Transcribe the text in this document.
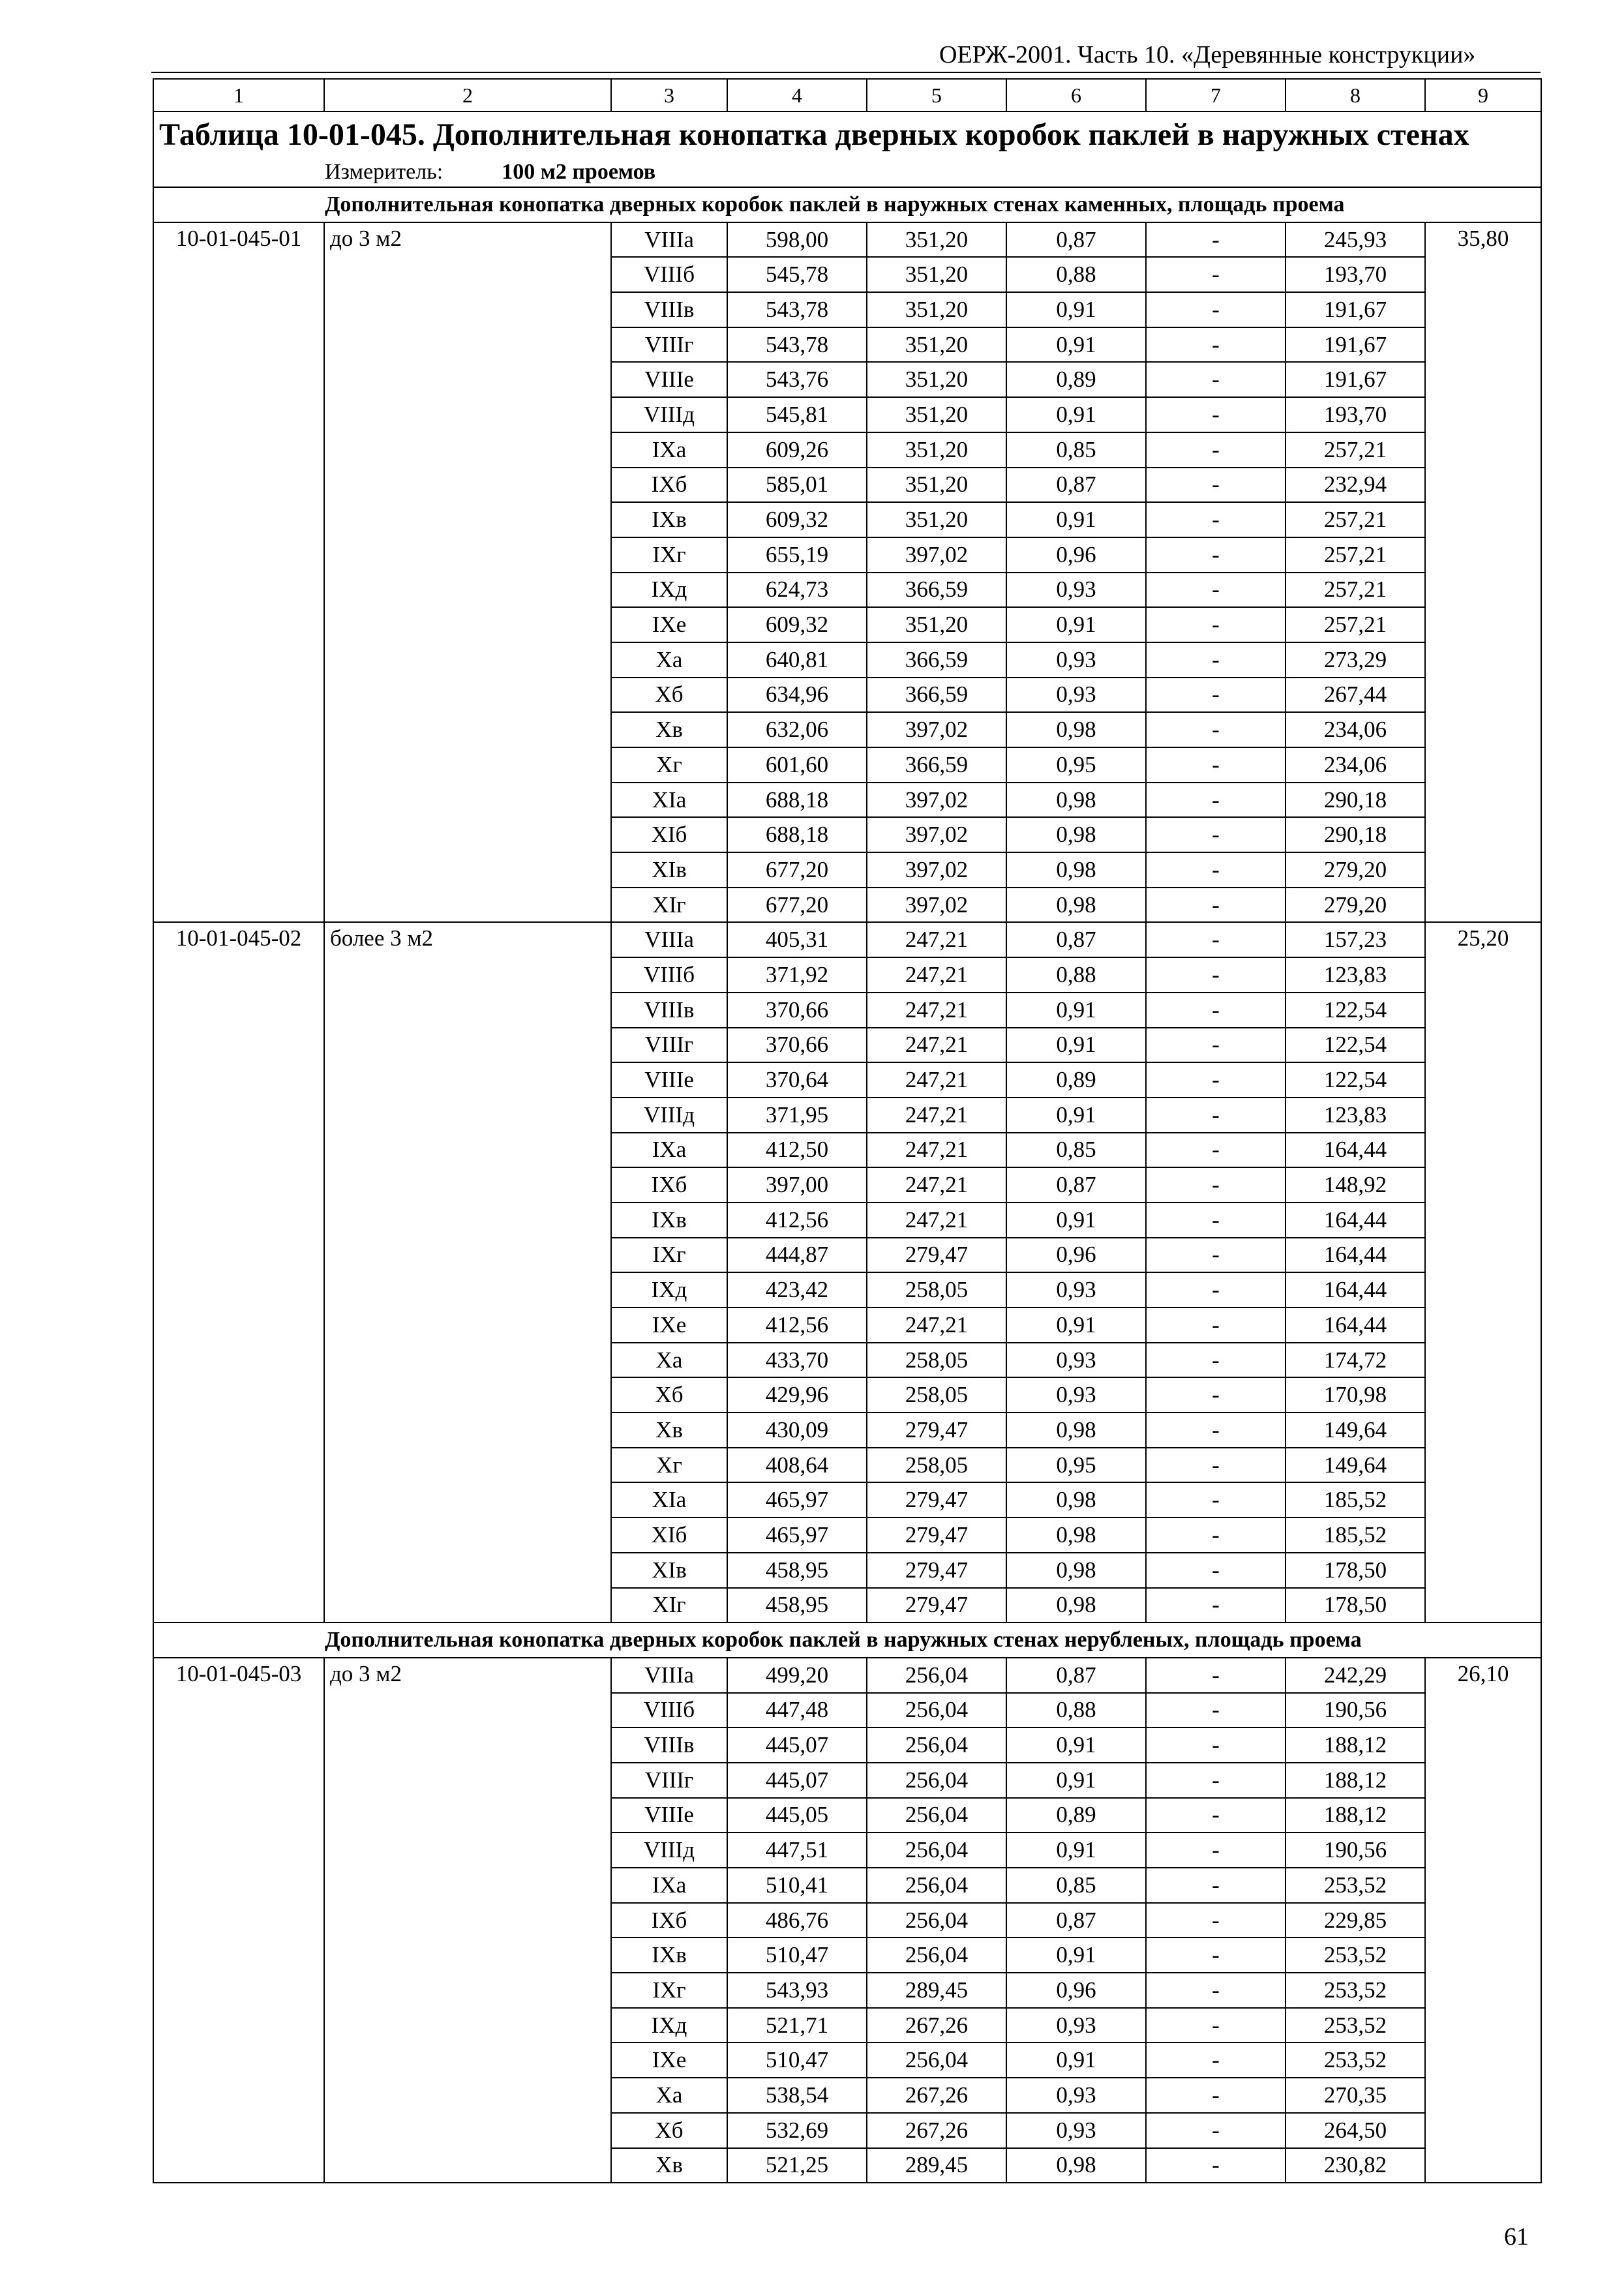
ОЕРЖ-2001. Часть 10. «Деревянные конструкции»
1	2	3	4	5	6	7	8	9
Таблица 10-01-045. Дополнительная конопатка дверных коробок паклей в наружных стенах								
Измеритель: 100 м2 проемов								
Дополнительная конопатка дверных коробок паклей в наружных стенах каменных, площадь проема								
10-01-045-01	до 3 м2	VIIIа	598,00	351,20	0,87	-	245,93	35,80
		VIIIб	545,78	351,20	0,88	-	193,70	
		VIIIв	543,78	351,20	0,91	-	191,67	
		VIIIг	543,78	351,20	0,91	-	191,67	
		VIIIе	543,76	351,20	0,89	-	191,67	
		VIIIд	545,81	351,20	0,91	-	193,70	
		IXа	609,26	351,20	0,85	-	257,21	
		IXб	585,01	351,20	0,87	-	232,94	
		IXв	609,32	351,20	0,91	-	257,21	
		IXг	655,19	397,02	0,96	-	257,21	
		IXд	624,73	366,59	0,93	-	257,21	
		IXе	609,32	351,20	0,91	-	257,21	
		Xа	640,81	366,59	0,93	-	273,29	
		Xб	634,96	366,59	0,93	-	267,44	
		Xв	632,06	397,02	0,98	-	234,06	
		Xг	601,60	366,59	0,95	-	234,06	
		XIа	688,18	397,02	0,98	-	290,18	
		XIб	688,18	397,02	0,98	-	290,18	
		XIв	677,20	397,02	0,98	-	279,20	
		XIг	677,20	397,02	0,98	-	279,20	
10-01-045-02	более 3 м2	VIIIа	405,31	247,21	0,87	-	157,23	25,20
		VIIIб	371,92	247,21	0,88	-	123,83	
		VIIIв	370,66	247,21	0,91	-	122,54	
		VIIIг	370,66	247,21	0,91	-	122,54	
		VIIIе	370,64	247,21	0,89	-	122,54	
		VIIIд	371,95	247,21	0,91	-	123,83	
		IXа	412,50	247,21	0,85	-	164,44	
		IXб	397,00	247,21	0,87	-	148,92	
		IXв	412,56	247,21	0,91	-	164,44	
		IXг	444,87	279,47	0,96	-	164,44	
		IXд	423,42	258,05	0,93	-	164,44	
		IXе	412,56	247,21	0,91	-	164,44	
		Xа	433,70	258,05	0,93	-	174,72	
		Xб	429,96	258,05	0,93	-	170,98	
		Xв	430,09	279,47	0,98	-	149,64	
		Xг	408,64	258,05	0,95	-	149,64	
		XIа	465,97	279,47	0,98	-	185,52	
		XIб	465,97	279,47	0,98	-	185,52	
		XIв	458,95	279,47	0,98	-	178,50	
		XIг	458,95	279,47	0,98	-	178,50	
Дополнительная конопатка дверных коробок паклей в наружных стенах нерубленых, площадь проема								
10-01-045-03	до 3 м2	VIIIа	499,20	256,04	0,87	-	242,29	26,10
		VIIIб	447,48	256,04	0,88	-	190,56	
		VIIIв	445,07	256,04	0,91	-	188,12	
		VIIIг	445,07	256,04	0,91	-	188,12	
		VIIIе	445,05	256,04	0,89	-	188,12	
		VIIIд	447,51	256,04	0,91	-	190,56	
		IXа	510,41	256,04	0,85	-	253,52	
		IXб	486,76	256,04	0,87	-	229,85	
		IXв	510,47	256,04	0,91	-	253,52	
		IXг	543,93	289,45	0,96	-	253,52	
		IXд	521,71	267,26	0,93	-	253,52	
		IXе	510,47	256,04	0,91	-	253,52	
		Xа	538,54	267,26	0,93	-	270,35	
		Xб	532,69	267,26	0,93	-	264,50	
		Xв	521,25	289,45	0,98	-	230,82	
61
